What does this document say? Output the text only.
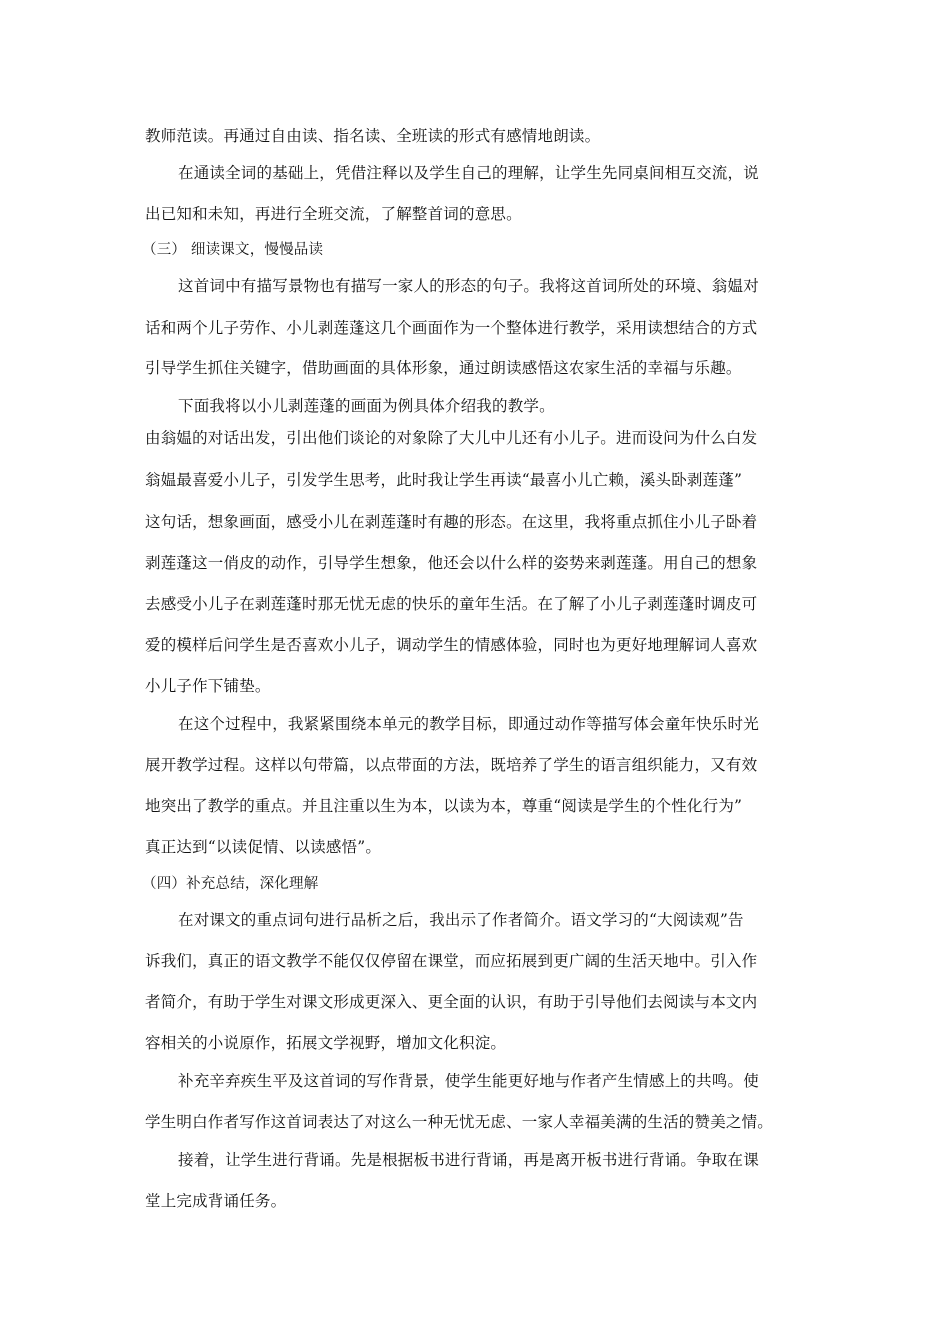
教师范读。再通过自由读、指名读、全班读的形式有感情地朗读。
在通读全词的基础上，凭借注释以及学生自己的理解，让学生先同桌间相互交流，说
出已知和未知，再进行全班交流，了解整首词的意思。
（三） 细读课文，慢慢品读
这首词中有描写景物也有描写一家人的形态的句子。我将这首词所处的环境、翁媪对
话和两个儿子劳作、小儿剥莲蓬这几个画面作为一个整体进行教学，采用读想结合的方式
引导学生抓住关键字，借助画面的具体形象，通过朗读感悟这农家生活的幸福与乐趣。
下面我将以小儿剥莲蓬的画面为例具体介绍我的教学。
由翁媪的对话出发，引出他们谈论的对象除了大儿中儿还有小儿子。进而设问为什么白发
翁媪最喜爱小儿子，引发学生思考，此时我让学生再读“最喜小儿亡赖，溪头卧剥莲蓬”
这句话，想象画面，感受小儿在剥莲蓬时有趣的形态。在这里，我将重点抓住小儿子卧着
剥莲蓬这一俏皮的动作，引导学生想象，他还会以什么样的姿势来剥莲蓬。用自己的想象
去感受小儿子在剥莲蓬时那无忧无虑的快乐的童年生活。在了解了小儿子剥莲蓬时调皮可
爱的模样后问学生是否喜欢小儿子，调动学生的情感体验，同时也为更好地理解词人喜欢
小儿子作下铺垫。
在这个过程中，我紧紧围绕本单元的教学目标，即通过动作等描写体会童年快乐时光
展开教学过程。这样以句带篇，以点带面的方法，既培养了学生的语言组织能力，又有效
地突出了教学的重点。并且注重以生为本，以读为本，尊重“阅读是学生的个性化行为”
真正达到“以读促情、以读感悟”。
（四）补充总结，深化理解
在对课文的重点词句进行品析之后，我出示了作者简介。语文学习的“大阅读观”告
诉我们，真正的语文教学不能仅仅停留在课堂，而应拓展到更广阔的生活天地中。引入作
者简介，有助于学生对课文形成更深入、更全面的认识，有助于引导他们去阅读与本文内
容相关的小说原作，拓展文学视野，增加文化积淀。
补充辛弃疾生平及这首词的写作背景，使学生能更好地与作者产生情感上的共鸣。使
学生明白作者写作这首词表达了对这么一种无忧无虑、一家人幸福美满的生活的赞美之情。
接着，让学生进行背诵。先是根据板书进行背诵，再是离开板书进行背诵。争取在课
堂上完成背诵任务。
